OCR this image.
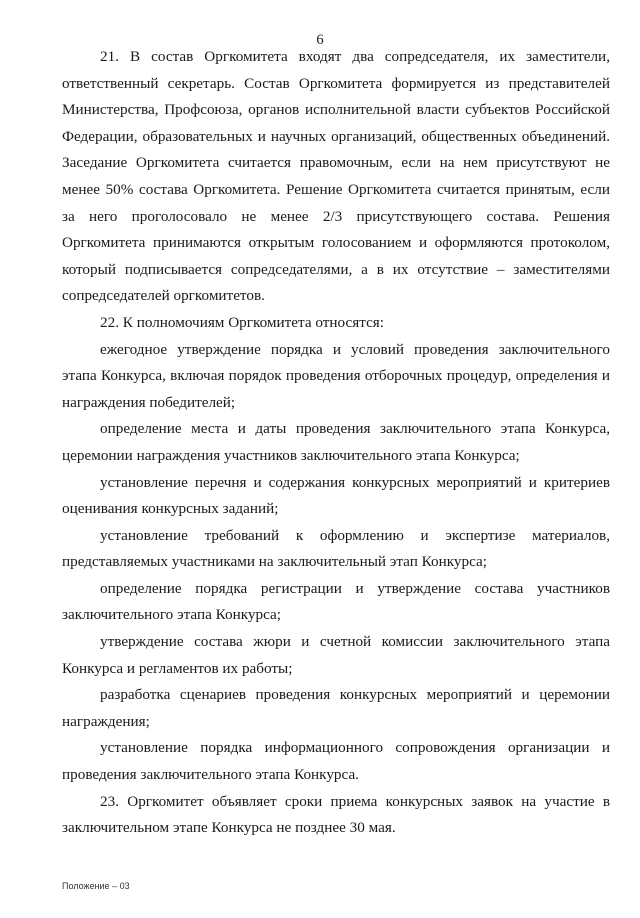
6

21. В состав Оргкомитета входят два сопредседателя, их заместители, ответственный секретарь. Состав Оргкомитета формируется из представителей Министерства, Профсоюза, органов исполнительной власти субъектов Российской Федерации, образовательных и научных организаций, общественных объединений. Заседание Оргкомитета считается правомочным, если на нем присутствуют не менее 50% состава Оргкомитета. Решение Оргкомитета считается принятым, если за него проголосовало не менее 2/3 присутствующего состава. Решения Оргкомитета принимаются открытым голосованием и оформляются протоколом, который подписывается сопредседателями, а в их отсутствие – заместителями сопредседателей оргкомитетов.

22. К полномочиям Оргкомитета относятся:

ежегодное утверждение порядка и условий проведения заключительного этапа Конкурса, включая порядок проведения отборочных процедур, определения и награждения победителей;

определение места и даты проведения заключительного этапа Конкурса, церемонии награждения участников заключительного этапа Конкурса;

установление перечня и содержания конкурсных мероприятий и критериев оценивания конкурсных заданий;

установление требований к оформлению и экспертизе материалов, представляемых участниками на заключительный этап Конкурса;

определение порядка регистрации и утверждение состава участников заключительного этапа Конкурса;

утверждение состава жюри и счетной комиссии заключительного этапа Конкурса и регламентов их работы;

разработка сценариев проведения конкурсных мероприятий и церемонии награждения;

установление порядка информационного сопровождения организации и проведения заключительного этапа Конкурса.

23. Оргкомитет объявляет сроки приема конкурсных заявок на участие в заключительном этапе Конкурса не позднее 30 мая.

Положение – 03
